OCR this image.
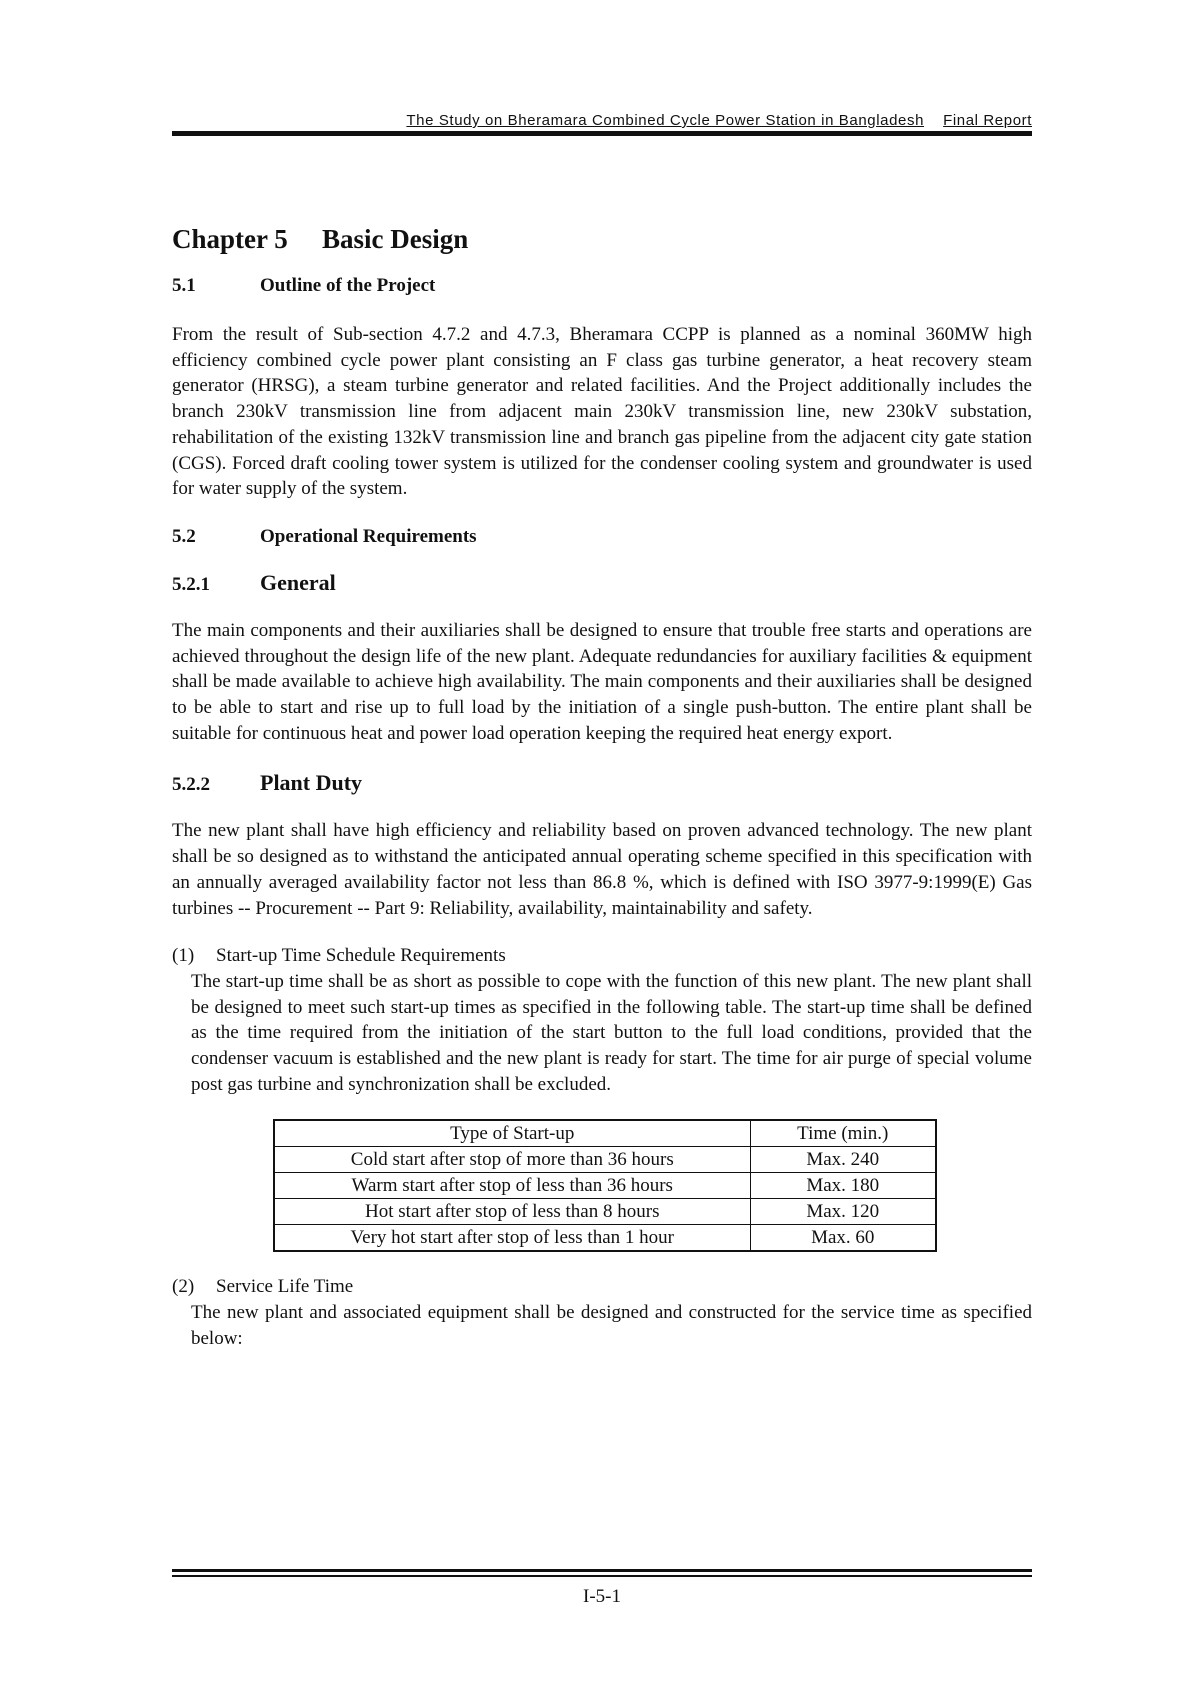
The Study on Bheramara Combined Cycle Power Station in Bangladesh Final Report
Chapter 5 Basic Design
5.1	Outline of the Project

From the result of Sub-section 4.7.2 and 4.7.3, Bheramara CCPP is planned as a nominal 360MW high efficiency combined cycle power plant consisting an F class gas turbine generator, a heat recovery steam generator (HRSG), a steam turbine generator and related facilities. And the Project additionally includes the branch 230kV transmission line from adjacent main 230kV transmission line, new 230kV substation, rehabilitation of the existing 132kV transmission line and branch gas pipeline from the adjacent city gate station (CGS). Forced draft cooling tower system is utilized for the condenser cooling system and groundwater is used for water supply of the system.

5.2	Operational Requirements
5.2.1 General

The main components and their auxiliaries shall be designed to ensure that trouble free starts and operations are achieved throughout the design life of the new plant. Adequate redundancies for auxiliary facilities & equipment shall be made available to achieve high availability. The main components and their auxiliaries shall be designed to be able to start and rise up to full load by the initiation of a single push-button. The entire plant shall be suitable for continuous heat and power load operation keeping the required heat energy export.

5.2.2 Plant Duty

The new plant shall have high efficiency and reliability based on proven advanced technology. The new plant shall be so designed as to withstand the anticipated annual operating scheme specified in this specification with an annually averaged availability factor not less than 86.8 %, which is defined with ISO 3977-9:1999(E) Gas turbines -- Procurement -- Part 9: Reliability, availability, maintainability and safety.

(1) Start-up Time Schedule Requirements

The start-up time shall be as short as possible to cope with the function of this new plant. The new plant shall be designed to meet such start-up times as specified in the following table. The start-up time shall be defined as the time required from the initiation of the start button to the full load conditions, provided that the condenser vacuum is established and the new plant is ready for start. The time for air purge of special volume post gas turbine and synchronization shall be excluded.

Type of Start-up	Time (min.)
Cold start after stop of more than 36 hours	Max. 240
Warm start after stop of less than 36 hours	Max. 180
Hot start after stop of less than 8 hours	Max. 120
Very hot start after stop of less than 1 hour	Max. 60
(2) Service Life Time

The new plant and associated equipment shall be designed and constructed for the service time as specified below:

I-5-1
